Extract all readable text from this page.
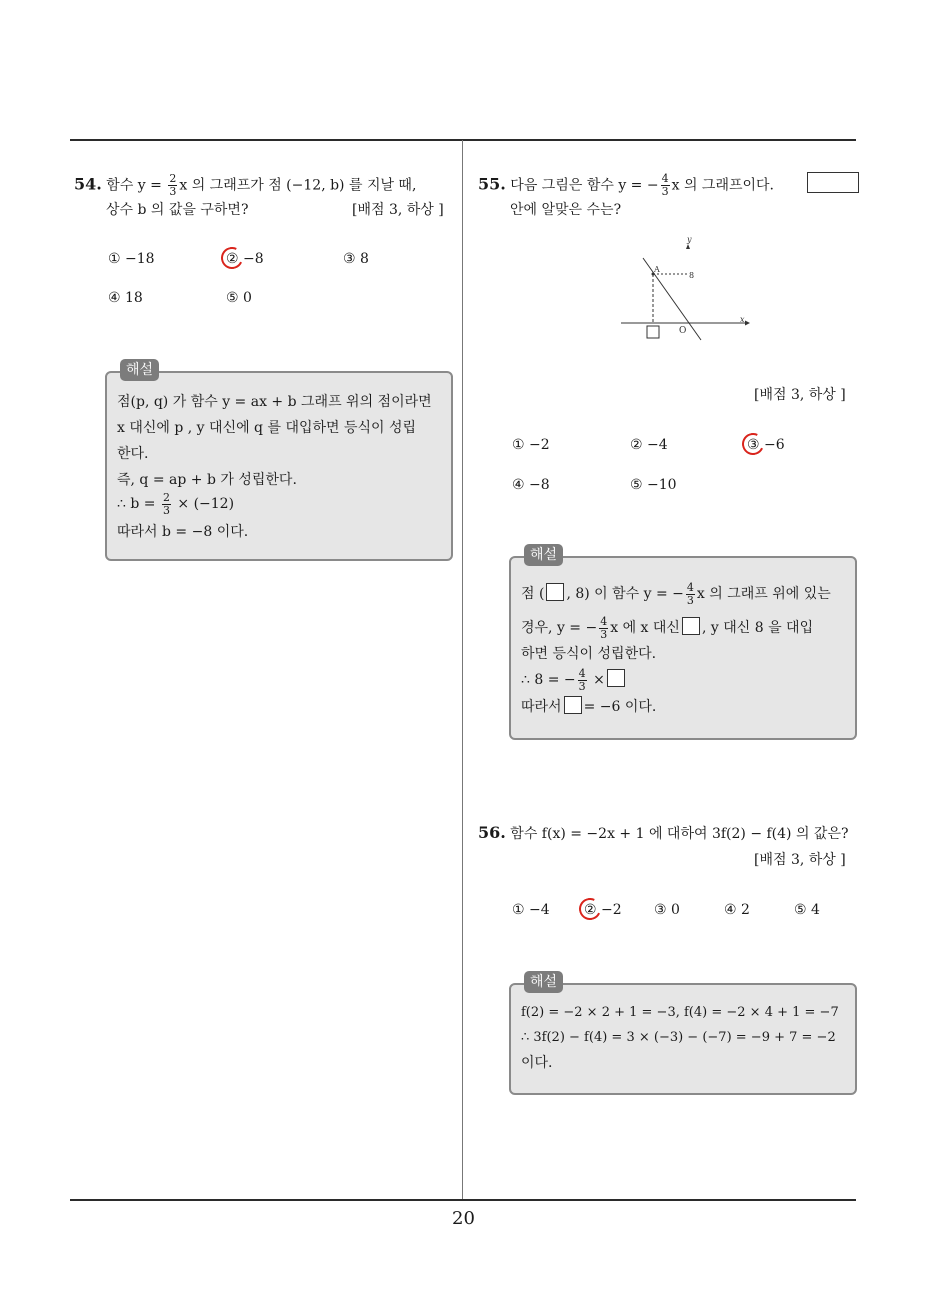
20
54. 함수 $y = \frac{2}{3}$ x 의 그래프가 점 (−12, b) 를 지날 때,
상수 b 의 값을 구하면?	[배점 3, 하상 ]
① −18	② −8	③ 8
④ 18	⑤ 0
해설
점(p, q) 가 함수 y = ax + b 그래프 위의 점이라면
x 대신에 p , y 대신에 q 를 대입하면 등식이 성립
한다.
즉, q = ap + b 가 성립한다.
∴ $b = \frac{2}{3} \times (-12)$
따라서 b = −8 이다.
55. 다음 그림은 함수 y = − $\frac{4}{3}$ x 의 그래프이다.
안에 알맞은 수는?
y
x
O
A
8
[배점 3, 하상 ]
① −2	② −4	③ −6
④ −8	⑤ −10
해설
점 ( , 8) 이 함수 y = − $\frac{4}{3}$ x 의 그래프 위에 있는
경우, y = − $\frac{4}{3}$ x 에 x 대신 , y 대신 8 을 대입
하면 등식이 성립한다.
∴ 8 = − $\frac{4}{3}$ ×
따라서 = −6 이다.
56. 함수 f(x) = −2x + 1 에 대하여 3f(2) − f(4) 의 값은?
[배점 3, 하상 ]
① −4 ② −2 ③ 0	④ 2	⑤ 4
해설
f(2) = −2 × 2 + 1 = −3, f(4) = −2 × 4 + 1 = −7
∴ 3f(2) − f(4) = 3 × (−3) − (−7) = −9 + 7 = −2
이다.
